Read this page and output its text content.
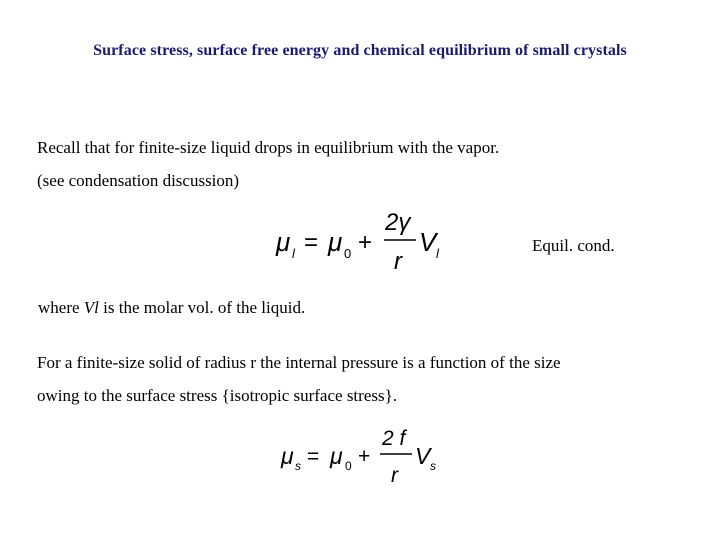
Surface stress, surface free energy and chemical equilibrium of small crystals
Recall that for finite-size liquid drops in equilibrium with the vapor.
(see condensation discussion)
μ l = μ 0 +
2γ
r
V l	Equil. cond.
where Vl is the molar vol. of the liquid.
For a finite-size solid of radius r the internal pressure is a function of the size
owing to the surface stress {isotropic surface stress}.
μ s = μ 0 +
2 f
r
V s
